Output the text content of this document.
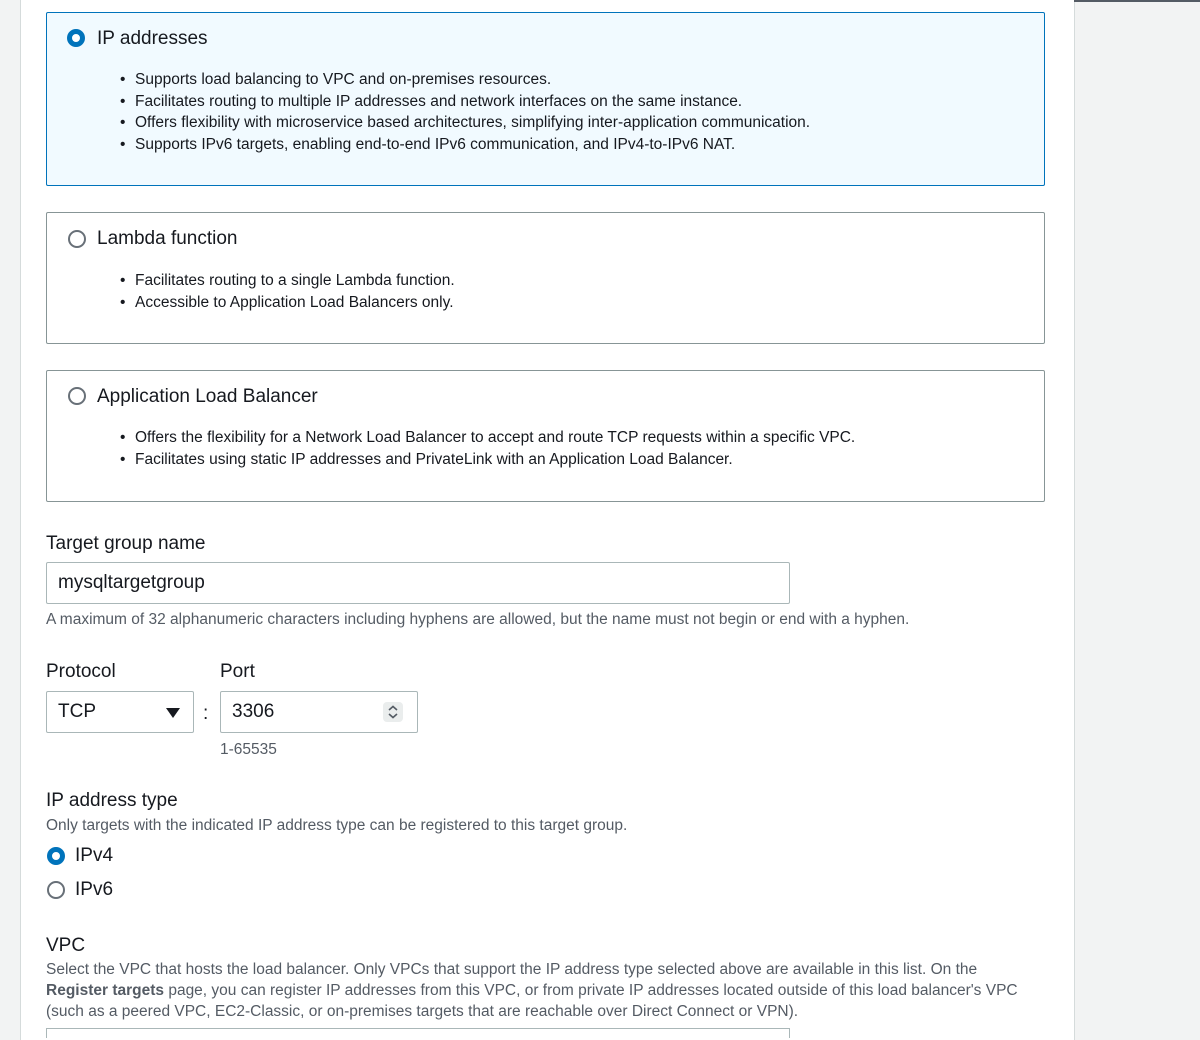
IP addresses
• Supports load balancing to VPC and on-premises resources.
• Facilitates routing to multiple IP addresses and network interfaces on the same instance.
• Offers flexibility with microservice based architectures, simplifying inter-application communication.
• Supports IPv6 targets, enabling end-to-end IPv6 communication, and IPv4-to-IPv6 NAT.
Lambda function
• Facilitates routing to a single Lambda function.
• Accessible to Application Load Balancers only.
Application Load Balancer
• Offers the flexibility for a Network Load Balancer to accept and route TCP requests within a specific VPC.
• Facilitates using static IP addresses and PrivateLink with an Application Load Balancer.
Target group name
mysqltargetgroup
A maximum of 32 alphanumeric characters including hyphens are allowed, but the name must not begin or end with a hyphen.
Protocol	Port
TCP	: 3306
1-65535
IP address type
Only targets with the indicated IP address type can be registered to this target group.
IPv4
IPv6
VPC
Select the VPC that hosts the load balancer. Only VPCs that support the IP address type selected above are available in this list. On the
Register targets page, you can register IP addresses from this VPC, or from private IP addresses located outside of this load balancer's VPC
(such as a peered VPC, EC2-Classic, or on-premises targets that are reachable over Direct Connect or VPN).
